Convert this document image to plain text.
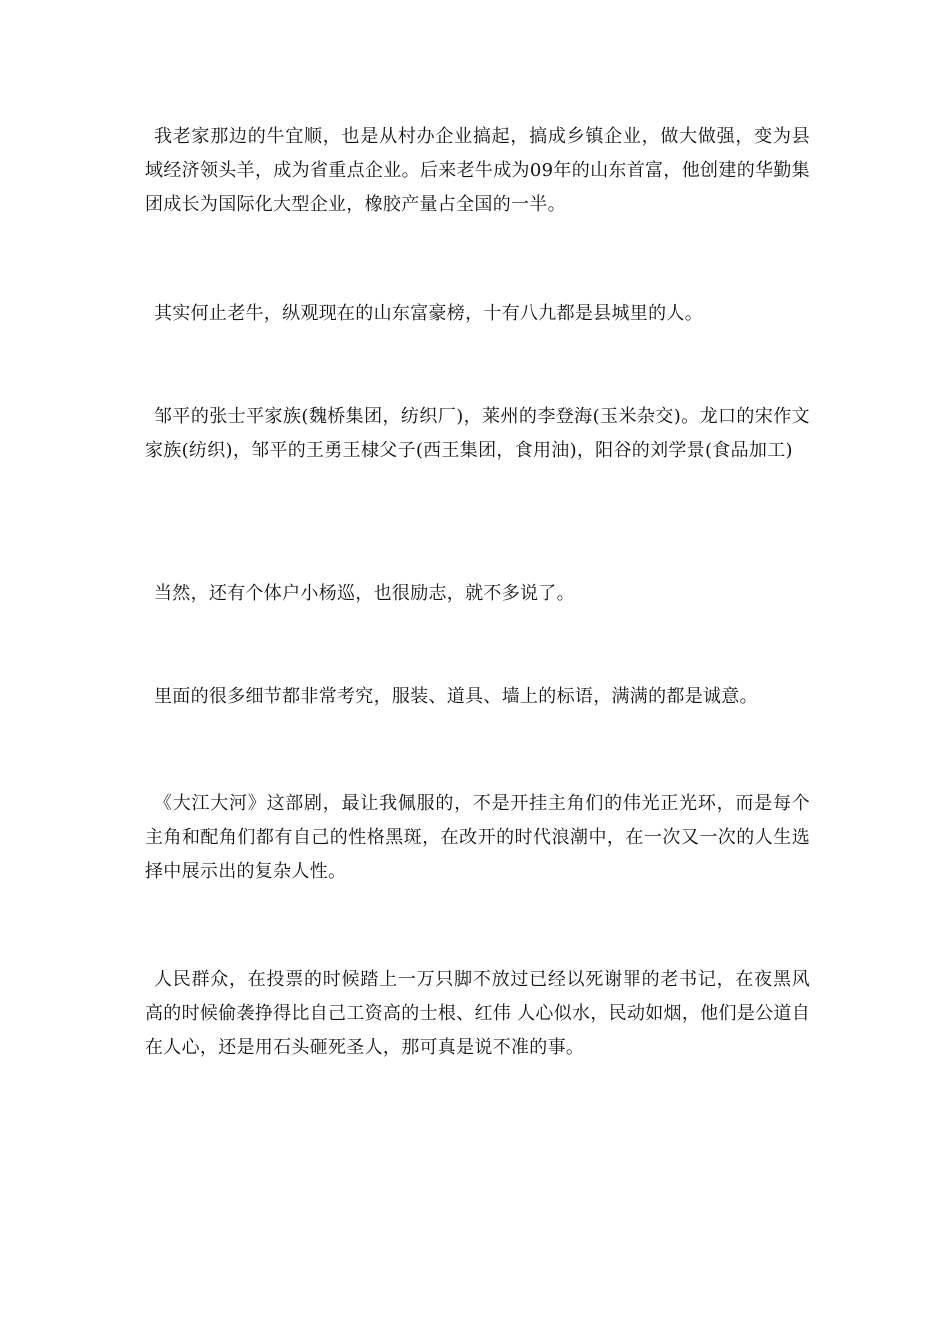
我老家那边的牛宜顺，也是从村办企业搞起，搞成乡镇企业，做大做强，变为县域经济领头羊，成为省重点企业。后来老牛成为09年的山东首富，他创建的华勤集团成长为国际化大型企业，橡胶产量占全国的一半。

其实何止老牛，纵观现在的山东富豪榜，十有八九都是县城里的人。

邹平的张士平家族(魏桥集团，纺织厂)，莱州的李登海(玉米杂交)。龙口的宋作文家族(纺织)，邹平的王勇王棣父子(西王集团，食用油)，阳谷的刘学景(食品加工)

当然，还有个体户小杨巡，也很励志，就不多说了。

里面的很多细节都非常考究，服装、道具、墙上的标语，满满的都是诚意。

《大江大河》这部剧，最让我佩服的，不是开挂主角们的伟光正光环，而是每个主角和配角们都有自己的性格黑斑，在改开的时代浪潮中，在一次又一次的人生选择中展示出的复杂人性。

人民群众，在投票的时候踏上一万只脚不放过已经以死谢罪的老书记，在夜黑风高的时候偷袭挣得比自己工资高的士根、红伟 人心似水，民动如烟，他们是公道自在人心，还是用石头砸死圣人，那可真是说不准的事。
